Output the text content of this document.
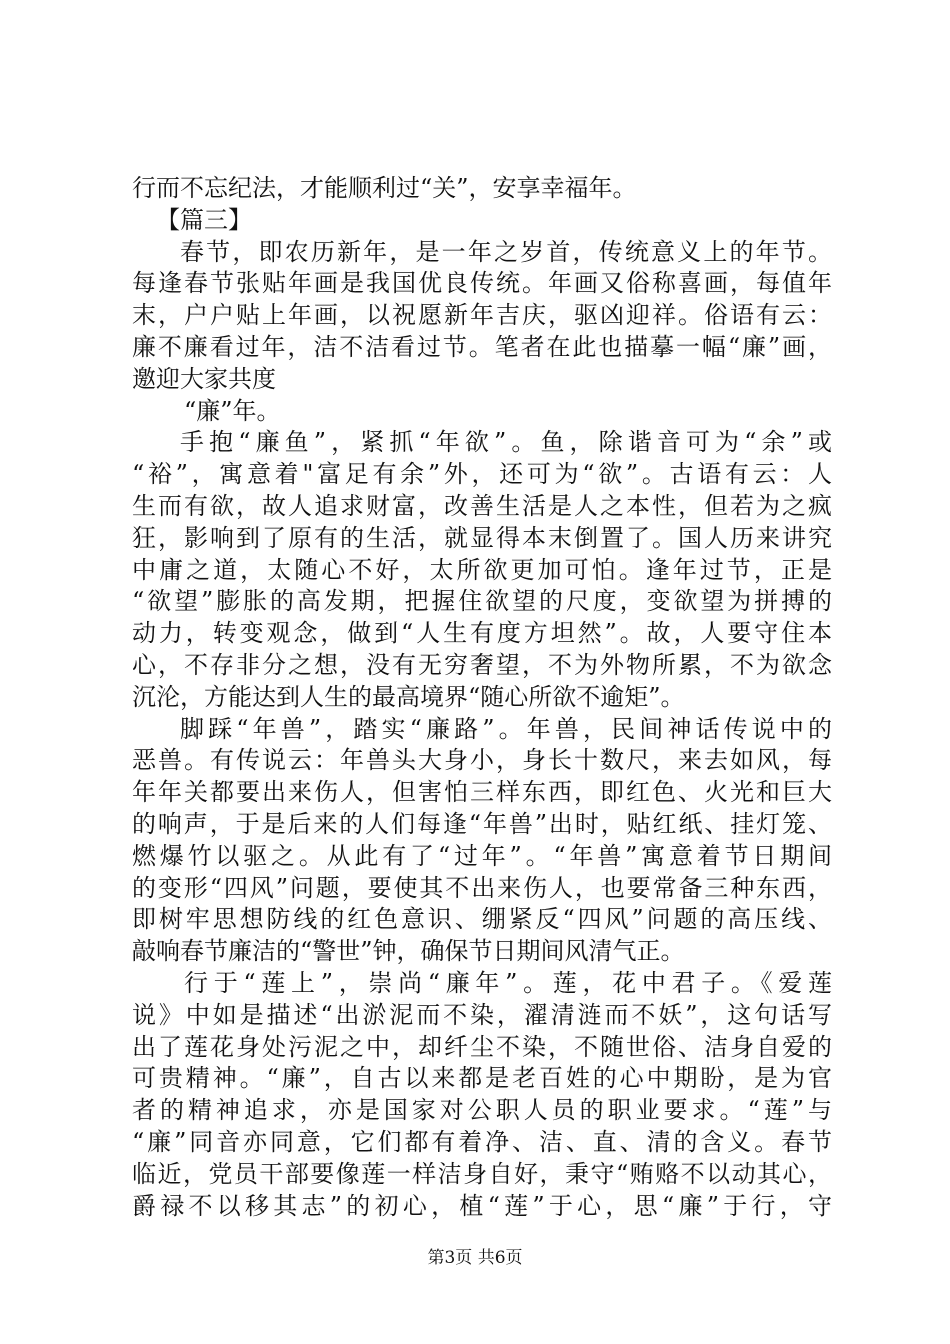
行而不忘纪法，才能顺利过“关”，安享幸福年。
【篇三】
春节，即农历新年，是一年之岁首，传统意义上的年节。
每逢春节张贴年画是我国优良传统。年画又俗称喜画，每值年
末，户户贴上年画，以祝愿新年吉庆，驱凶迎祥。俗语有云：
廉不廉看过年，洁不洁看过节。笔者在此也描摹一幅“廉”画，
邀迎大家共度
“廉”年。
手抱“廉鱼”，紧抓“年欲”。鱼，除谐音可为“余”或
“裕”，寓意着"富足有余”外，还可为“欲”。古语有云：人
生而有欲，故人追求财富，改善生活是人之本性，但若为之疯
狂，影响到了原有的生活，就显得本末倒置了。国人历来讲究
中庸之道，太随心不好，太所欲更加可怕。逢年过节，正是
“欲望”膨胀的高发期，把握住欲望的尺度，变欲望为拼搏的
动力，转变观念，做到“人生有度方坦然”。故，人要守住本
心，不存非分之想，没有无穷奢望，不为外物所累，不为欲念
沉沦，方能达到人生的最高境界“随心所欲不逾矩”。
脚踩“年兽”，踏实“廉路”。年兽，民间神话传说中的
恶兽。有传说云：年兽头大身小，身长十数尺，来去如风，每
年年关都要出来伤人，但害怕三样东西，即红色、火光和巨大
的响声，于是后来的人们每逢“年兽”出时，贴红纸、挂灯笼、
燃爆竹以驱之。从此有了“过年”。“年兽”寓意着节日期间
的变形“四风”问题，要使其不出来伤人，也要常备三种东西，
即树牢思想防线的红色意识、绷紧反“四风”问题的高压线、
敲响春节廉洁的“警世”钟，确保节日期间风清气正。
行于“莲上”，崇尚“廉年”。莲，花中君子。《爱莲
说》中如是描述“出淤泥而不染，濯清涟而不妖”，这句话写
出了莲花身处污泥之中，却纤尘不染，不随世俗、洁身自爱的
可贵精神。“廉”，自古以来都是老百姓的心中期盼，是为官
者的精神追求，亦是国家对公职人员的职业要求。“莲”与
“廉”同音亦同意，它们都有着净、洁、直、清的含义。春节
临近，党员干部要像莲一样洁身自好，秉守“贿赂不以动其心，
爵禄不以移其志”的初心，植“莲”于心，思“廉”于行，守
第3页 共6页
